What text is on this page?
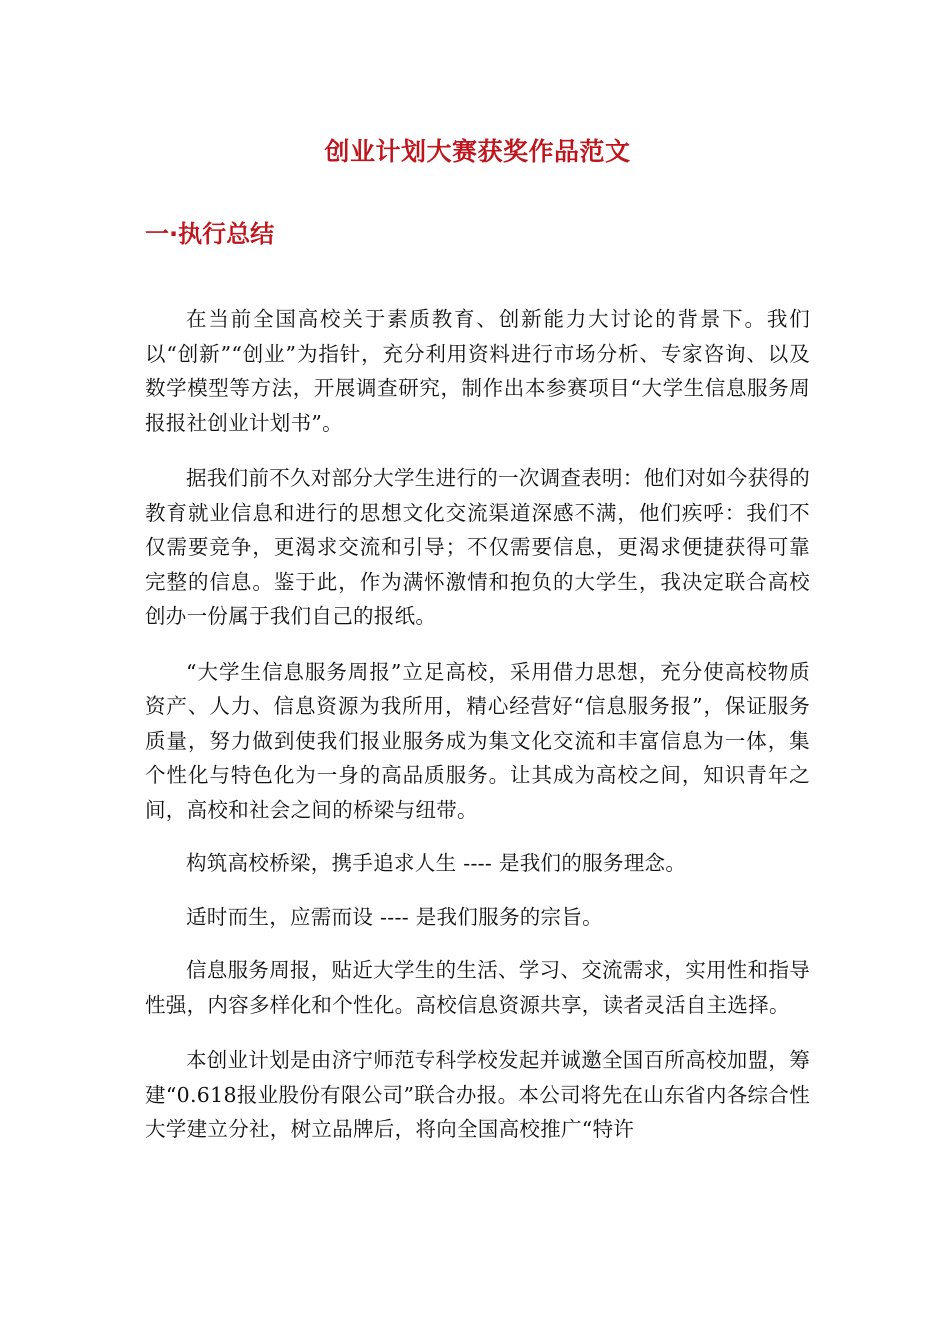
创业计划大赛获奖作品范文
一·执行总结

在当前全国高校关于素质教育、创新能力大讨论的背景下。我们以“创新”“创业”为指针，充分利用资料进行市场分析、专家咨询、以及数学模型等方法，开展调查研究，制作出本参赛项目“大学生信息服务周报报社创业计划书”。

据我们前不久对部分大学生进行的一次调查表明：他们对如今获得的教育就业信息和进行的思想文化交流渠道深感不满，他们疾呼：我们不仅需要竞争，更渴求交流和引导；不仅需要信息，更渴求便捷获得可靠完整的信息。鉴于此，作为满怀激情和抱负的大学生，我决定联合高校创办一份属于我们自己的报纸。

“大学生信息服务周报”立足高校，采用借力思想，充分使高校物质资产、人力、信息资源为我所用，精心经营好“信息服务报”，保证服务质量，努力做到使我们报业服务成为集文化交流和丰富信息为一体，集个性化与特色化为一身的高品质服务。让其成为高校之间，知识青年之间，高校和社会之间的桥梁与纽带。

构筑高校桥梁，携手追求人生 ---- 是我们的服务理念。

适时而生，应需而设 ---- 是我们服务的宗旨。

信息服务周报，贴近大学生的生活、学习、交流需求，实用性和指导性强，内容多样化和个性化。高校信息资源共享，读者灵活自主选择。

本创业计划是由济宁师范专科学校发起并诚邀全国百所高校加盟，筹建“0.618报业股份有限公司”联合办报。本公司将先在山东省内各综合性大学建立分社，树立品牌后，将向全国高校推广“特许
